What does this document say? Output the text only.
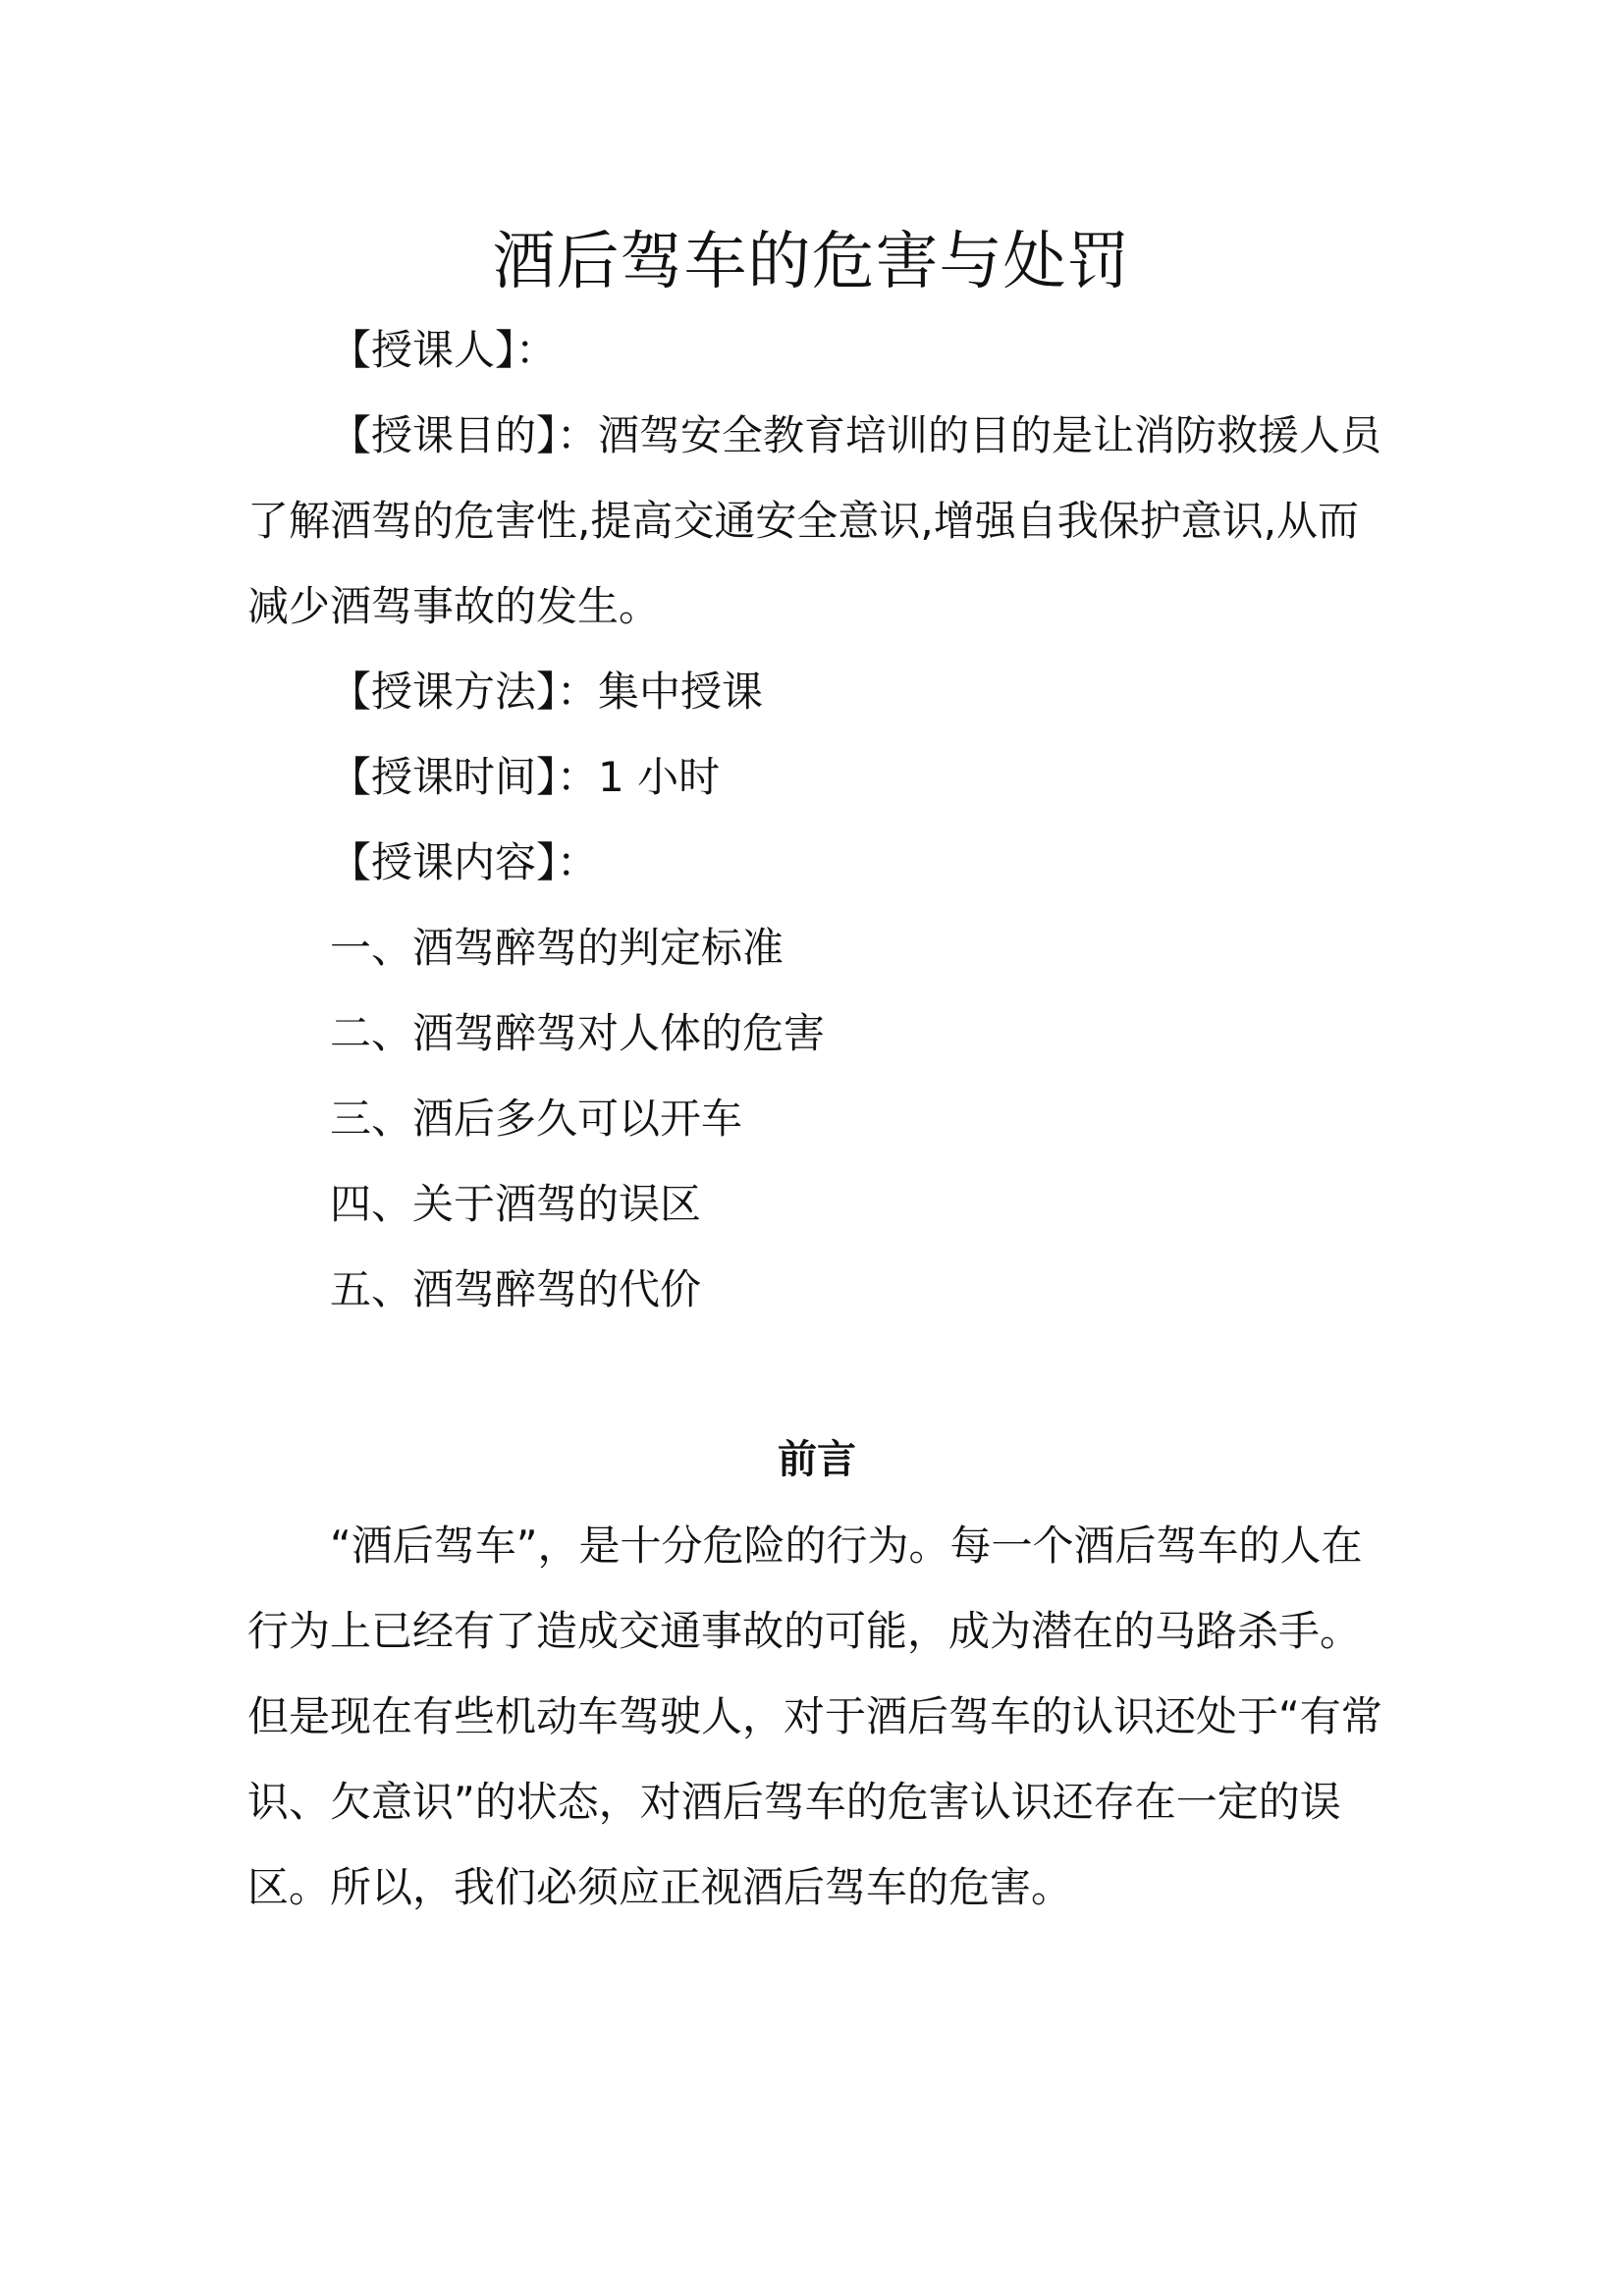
酒后驾车的危害与处罚

【授课人】：

【授课目的】：酒驾安全教育培训的目的是让消防救援人员了解酒驾的危害性,提高交通安全意识,增强自我保护意识,从而减少酒驾事故的发生。

【授课方法】：集中授课

【授课时间】：1 小时

【授课内容】：

一、酒驾醉驾的判定标准

二、酒驾醉驾对人体的危害

三、酒后多久可以开车

四、关于酒驾的误区

五、酒驾醉驾的代价

前言

“酒后驾车”，是十分危险的行为。每一个酒后驾车的人在行为上已经有了造成交通事故的可能，成为潜在的马路杀手。但是现在有些机动车驾驶人，对于酒后驾车的认识还处于“有常识、欠意识”的状态，对酒后驾车的危害认识还存在一定的误区。所以，我们必须应正视酒后驾车的危害。
